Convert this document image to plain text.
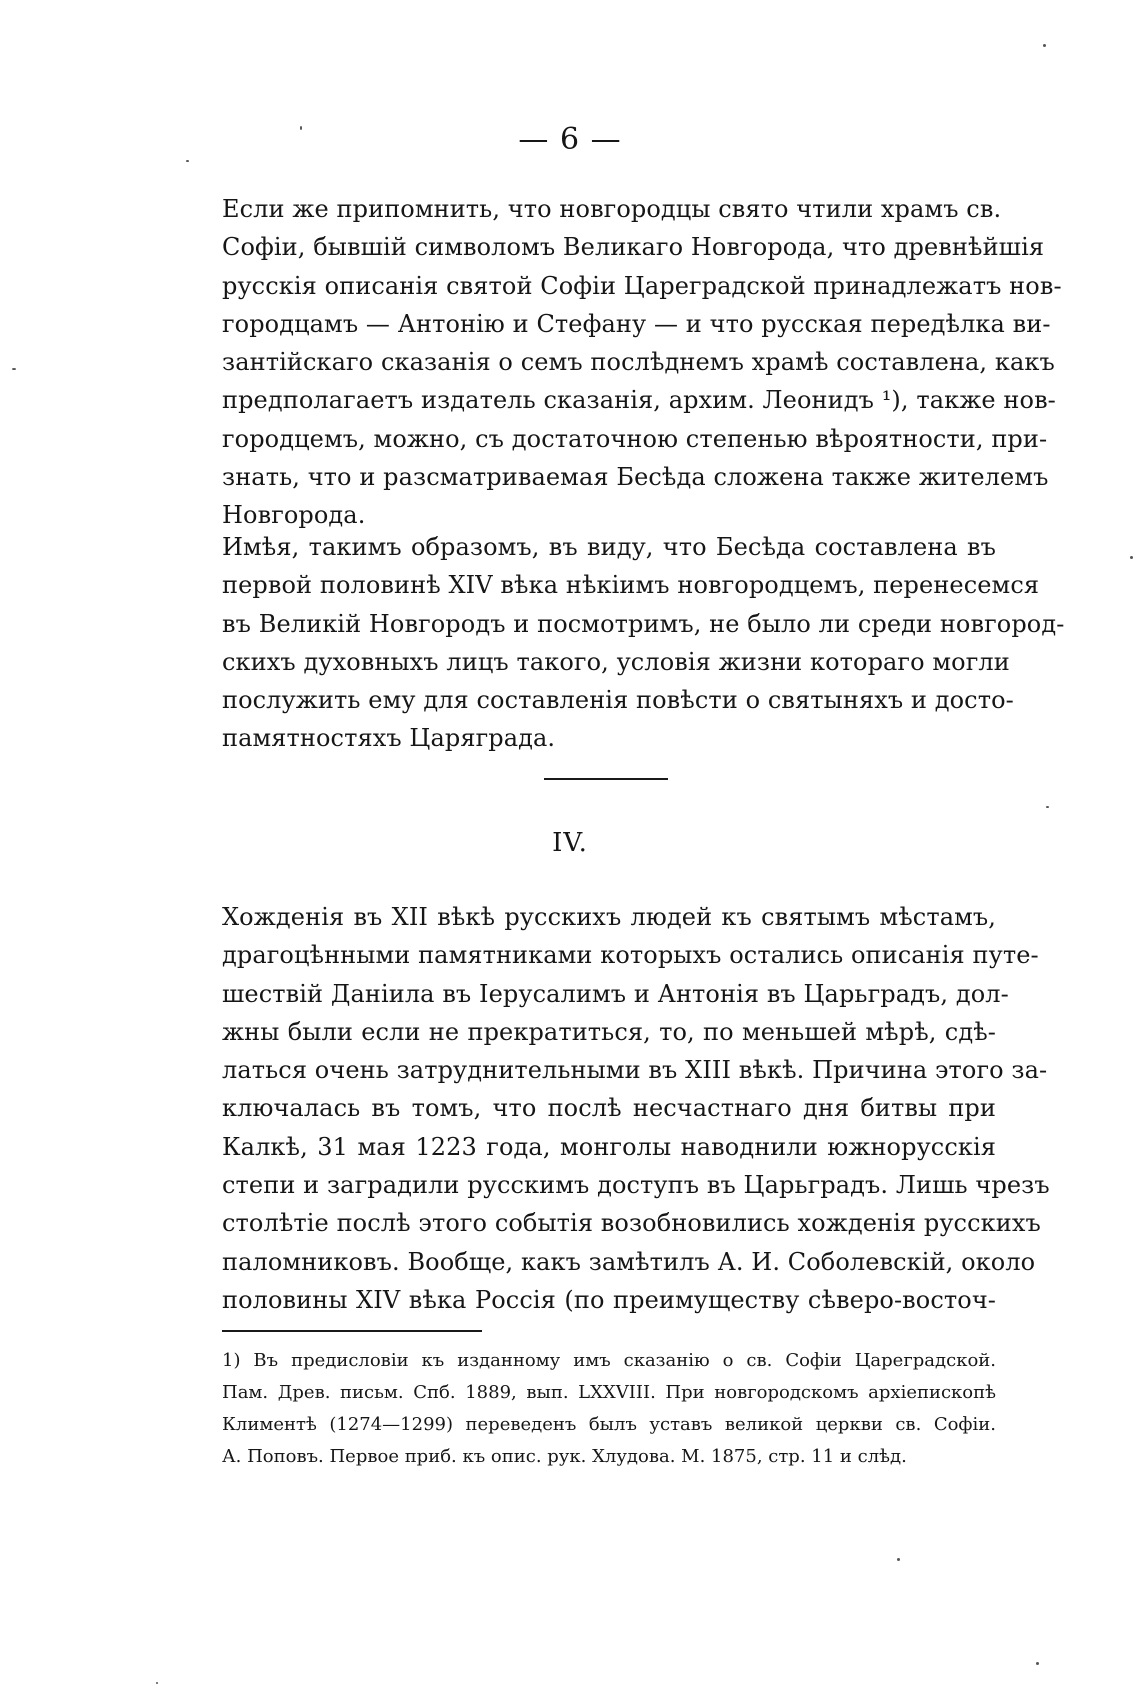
— 6 —
Если же припомнить, что новгородцы свято чтили храмъ св.
Софіи, бывшій символомъ Великаго Новгорода, что древнѣйшія
русскія описанія святой Софіи Цареградской принадлежатъ нов-
городцамъ — Антонію и Стефану — и что русская передѣлка ви-
зантійскаго сказанія о семъ послѣднемъ храмѣ составлена, какъ
предполагаетъ издатель сказанія, архим. Леонидъ ¹), также нов-
городцемъ, можно, съ достаточною степенью вѣроятности, при-
знать, что и разсматриваемая Бесѣда сложена также жителемъ
Новгорода.
Имѣя, такимъ образомъ, въ виду, что Бесѣда составлена въ
первой половинѣ XIV вѣка нѣкіимъ новгородцемъ, перенесемся
въ Великій Новгородъ и посмотримъ, не было ли среди новгород-
скихъ духовныхъ лицъ такого, условія жизни котораго могли
послужить ему для составленія повѣсти о святыняхъ и досто-
памятностяхъ Царяграда.
IV.
Хожденія въ XII вѣкѣ русскихъ людей къ святымъ мѣстамъ,
драгоцѣнными памятниками которыхъ остались описанія путе-
шествій Даніила въ Іерусалимъ и Антонія въ Царьградъ, дол-
жны были если не прекратиться, то, по меньшей мѣрѣ, сдѣ-
латься очень затруднительными въ XIII вѣкѣ. Причина этого за-
ключалась въ томъ, что послѣ несчастнаго дня битвы при
Калкѣ, 31 мая 1223 года, монголы наводнили южнорусскія
степи и заградили русскимъ доступъ въ Царьградъ. Лишь чрезъ
столѣтіе послѣ этого событія возобновились хожденія русскихъ
паломниковъ. Вообще, какъ замѣтилъ А. И. Соболевскій, около
половины XIV вѣка Россія (по преимуществу сѣверо-восточ-
1) Въ предисловіи къ изданному имъ сказанію о св. Софіи Цареградской.
Пам. Древ. письм. Спб. 1889, вып. LXXVIII. При новгородскомъ архіепископѣ
Климентѣ (1274—1299) переведенъ былъ уставъ великой церкви св. Софіи.
А. Поповъ. Первое приб. къ опис. рук. Хлудова. М. 1875, стр. 11 и слѣд.
